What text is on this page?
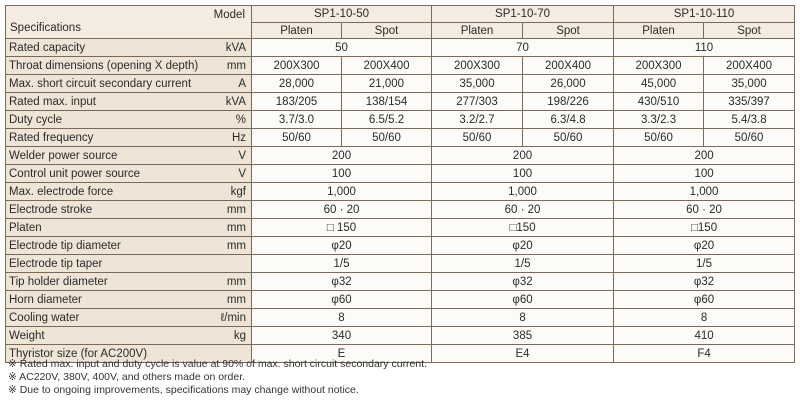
Model
Specifications	SP1-10-50		SP1-10-70		SP1-10-110	
	Platen	Spot	Platen	Spot	Platen	Spot

Rated capacity kVA	50		70		110	

Throat dimensions (opening X depth) mm	200X300	200X400	200X300	200X400	200X300	200X400

Max. short circuit secondary current A	28,000	21,000	35,000	26,000	45,000	35,000

Rated max. input kVA	183/205	138/154	277/303	198/226	430/510	335/397

Duty cycle %	3.7/3.0	6.5/5.2	3.2/2.7	6.3/4.8	3.3/2.3	5.4/3.8

Rated frequency Hz	50/60	50/60	50/60	50/60	50/60	50/60

Welder power source V	200		200		200	

Control unit power source V	100		100		100	

Max. electrode force kgf	1,000		1,000		1,000	

Electrode stroke mm	60 · 20		60 · 20		60 · 20	

Platen mm	□ 150		□150		□150	

Electrode tip diameter mm	φ20		φ20		φ20	

Electrode tip taper	1/5		1/5		1/5	

Tip holder diameter mm	φ32		φ32		φ32	

Horn diameter mm	φ60		φ60		φ60	

Cooling water ℓ/min	8		8		8	

Weight kg	340		385		410	

Thyristor size (for AC200V)	E		E4		F4	
※ Rated max. input and duty cycle is value at 90% of max. short circuit secondary current.
※ AC220V, 380V, 400V, and others made on order.
※ Due to ongoing improvements, specifications may change without notice.
